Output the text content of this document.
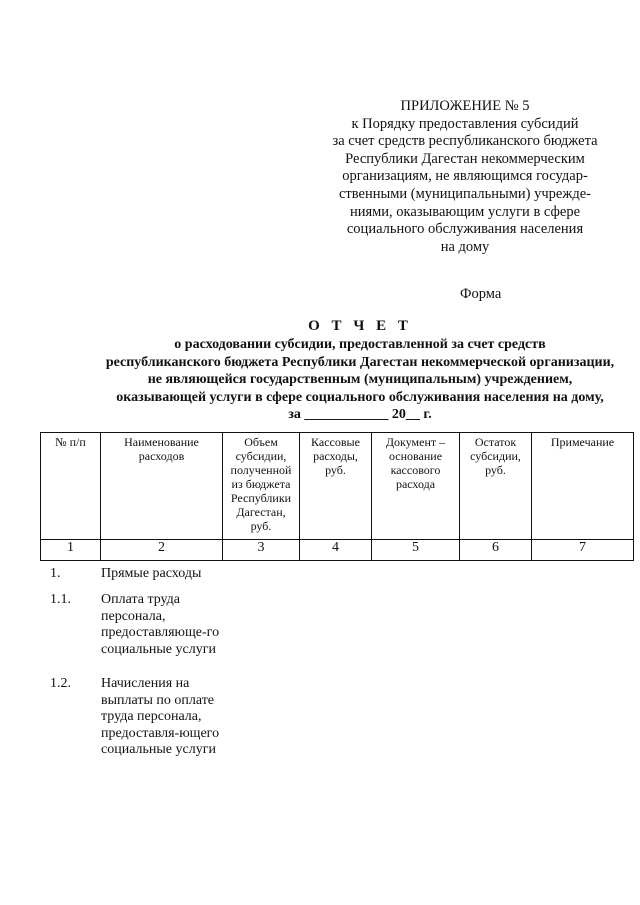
ПРИЛОЖЕНИЕ № 5
к Порядку предоставления субсидий
за счет средств республиканского бюджета
Республики Дагестан некоммерческим
организациям, не являющимся государ-
ственными (муниципальными) учрежде-
ниями, оказывающим услуги в сфере
социального обслуживания населения
на дому
Форма
О Т Ч Е Т
о расходовании субсидии, предоставленной за счет средств
республиканского бюджета Республики Дагестан некоммерческой организации,
не являющейся государственным (муниципальным) учреждением,
оказывающей услуги в сфере социального обслуживания населения на дому,
за ____________ 20__ г.
№ п/п	Наименование расходов	Объем субсидии, полученной из бюджета Республики Дагестан, руб.	Кассовые расходы, руб.	Документ – основание кассового расхода	Остаток субсидии, руб.	Примечание
1	2	3	4	5	6	7
1.	Прямые расходы
1.1. Оплата труда персонала, предоставляюще-го социальные услуги
1.2. Начисления на выплаты по оплате труда персонала, предоставля-ющего социальные услуги
